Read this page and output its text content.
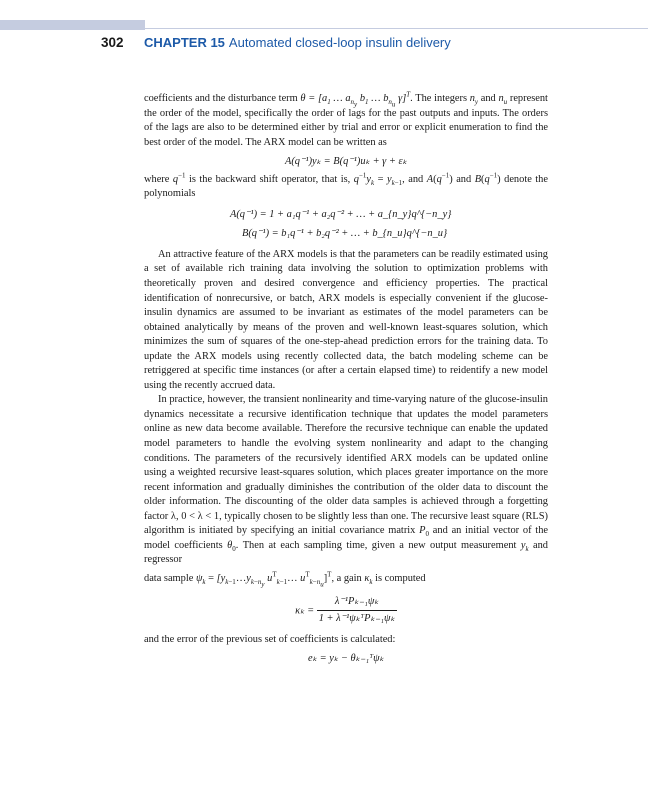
302 CHAPTER 15 Automated closed-loop insulin delivery

coefficients and the disturbance term $\theta = [a_1$ … $a_{n_y}$ $b_1$ … $b_{n_u}$ γ]$^T$. The integers $n_y$ and $n_u$ represent the order of the model, specifically the order of lags for the past outputs and inputs. The orders of the lags are also to be determined either by trial and error or explicit enumeration to find the best order of the model. The ARX model can be written as

A(q⁻¹)yₖ = B(q⁻¹)uₖ + γ + εₖ

where $q^{-1}$ is the backward shift operator, that is, $q^{-1}y_k = y_{k-1}$, and $A(q^{-1})$ and $B(q^{-1})$ denote the polynomials

A(q⁻¹) = 1 + a₁q⁻¹ + a₂q⁻² + … + a_{n_y}q^{−n_y}
B(q⁻¹) = b₁q⁻¹ + b₂q⁻² + … + b_{n_u}q^{−n_u}

An attractive feature of the ARX models is that the parameters can be readily estimated using a set of available rich training data involving the solution to optimization problems with theoretically proven and desired convergence and efficiency properties. The practical identification of nonrecursive, or batch, ARX models is especially convenient if the glucose-insulin dynamics are assumed to be invariant as estimates of the model parameters can be obtained analytically by means of the proven and well-known least-squares solution, which minimizes the sum of squares of the one-step-ahead prediction errors for the training data. To update the ARX models using recently collected data, the batch modeling scheme can be retriggered at specific time instances (or after a certain elapsed time) to reidentify a new model using the recently accrued data.

In practice, however, the transient nonlinearity and time-varying nature of the glucose-insulin dynamics necessitate a recursive identification technique that updates the model parameters online as new data become available. Therefore the recursive technique can enable the updated model parameters to handle the evolving system nonlinearity and adapt to the changing conditions. The parameters of the recursively identified ARX models can be updated online using a weighted recursive least-squares solution, which places greater importance on the more recent information and gradually diminishes the contribution of the older data to discount the older information. The discounting of the older data samples is achieved through a forgetting factor λ, 0 < λ < 1, typically chosen to be slightly less than one. The recursive least square (RLS) algorithm is initiated by specifying an initial covariance matrix $P_0$ and an initial vector of the model coefficients $\theta_0$. Then at each sampling time, given a new output measurement $y_k$ and regressor

data sample $\psi_k$ = [$y_{k-1}\dots y_{k-n_y}$ $u^T_{k-1}\dots$ $u^T_{k-n_u}]^T$, a gain $\kappa_k$ is computed

$\kappa_k = \frac{\text{λ⁻¹Pₖ₋₁ψₖ}}{\text{1 + λ⁻¹ψₖᵀPₖ₋₁ψₖ}}$

and the error of the previous set of coefficients is calculated:

eₖ = yₖ − θₖ₋₁ᵀψₖ
